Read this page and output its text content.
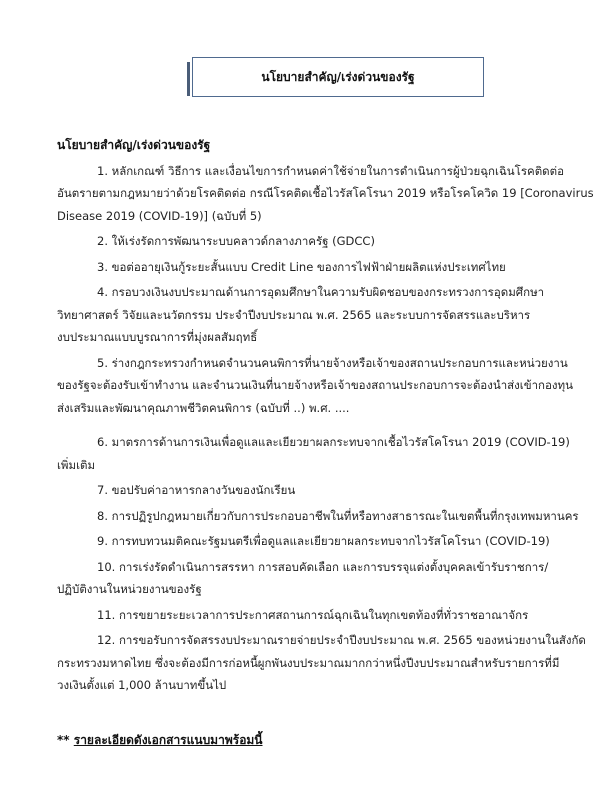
นโยบายสำคัญ/เร่งด่วนของรัฐ
นโยบายสำคัญ/เร่งด่วนของรัฐ
1. หลักเกณฑ์ วิธีการ และเงื่อนไขการกำหนดค่าใช้จ่ายในการดำเนินการผู้ป่วยฉุกเฉินโรคติดต่อ
อันตรายตามกฎหมายว่าด้วยโรคติดต่อ กรณีโรคติดเชื้อไวรัสโคโรนา 2019 หรือโรคโควิด 19 [Coronavirus
Disease 2019 (COVID-19)] (ฉบับที่ 5)
2. ให้เร่งรัดการพัฒนาระบบคลาวด์กลางภาครัฐ (GDCC)
3. ขอต่ออายุเงินกู้ระยะสั้นแบบ Credit Line ของการไฟฟ้าฝ่ายผลิตแห่งประเทศไทย
4. กรอบวงเงินงบประมาณด้านการอุดมศึกษาในความรับผิดชอบของกระทรวงการอุดมศึกษา
วิทยาศาสตร์ วิจัยและนวัตกรรม ประจำปีงบประมาณ พ.ศ. 2565 และระบบการจัดสรรและบริหาร
งบประมาณแบบบูรณาการที่มุ่งผลสัมฤทธิ์
5. ร่างกฎกระทรวงกำหนดจำนวนคนพิการที่นายจ้างหรือเจ้าของสถานประกอบการและหน่วยงาน
ของรัฐจะต้องรับเข้าทำงาน และจำนวนเงินที่นายจ้างหรือเจ้าของสถานประกอบการจะต้องนำส่งเข้ากองทุน
ส่งเสริมและพัฒนาคุณภาพชีวิตคนพิการ (ฉบับที่ ..) พ.ศ. ....
6. มาตรการด้านการเงินเพื่อดูแลและเยียวยาผลกระทบจากเชื้อไวรัสโคโรนา 2019 (COVID-19)
เพิ่มเติม
7. ขอปรับค่าอาหารกลางวันของนักเรียน
8. การปฏิรูปกฎหมายเกี่ยวกับการประกอบอาชีพในที่หรือทางสาธารณะในเขตพื้นที่กรุงเทพมหานคร
9. การทบทวนมติคณะรัฐมนตรีเพื่อดูแลและเยียวยาผลกระทบจากไวรัสโคโรนา (COVID-19)
10. การเร่งรัดดำเนินการสรรหา การสอบคัดเลือก และการบรรจุแต่งตั้งบุคคลเข้ารับราชการ/
ปฏิบัติงานในหน่วยงานของรัฐ
11. การขยายระยะเวลาการประกาศสถานการณ์ฉุกเฉินในทุกเขตท้องที่ทั่วราชอาณาจักร
12. การขอรับการจัดสรรงบประมาณรายจ่ายประจำปีงบประมาณ พ.ศ. 2565 ของหน่วยงานในสังกัด
กระทรวงมหาดไทย ซึ่งจะต้องมีการก่อหนี้ผูกพันงบประมาณมากกว่าหนึ่งปีงบประมาณสำหรับรายการที่มี
วงเงินตั้งแต่ 1,000 ล้านบาทขึ้นไป
** รายละเอียดดังเอกสารแนบมาพร้อมนี้
